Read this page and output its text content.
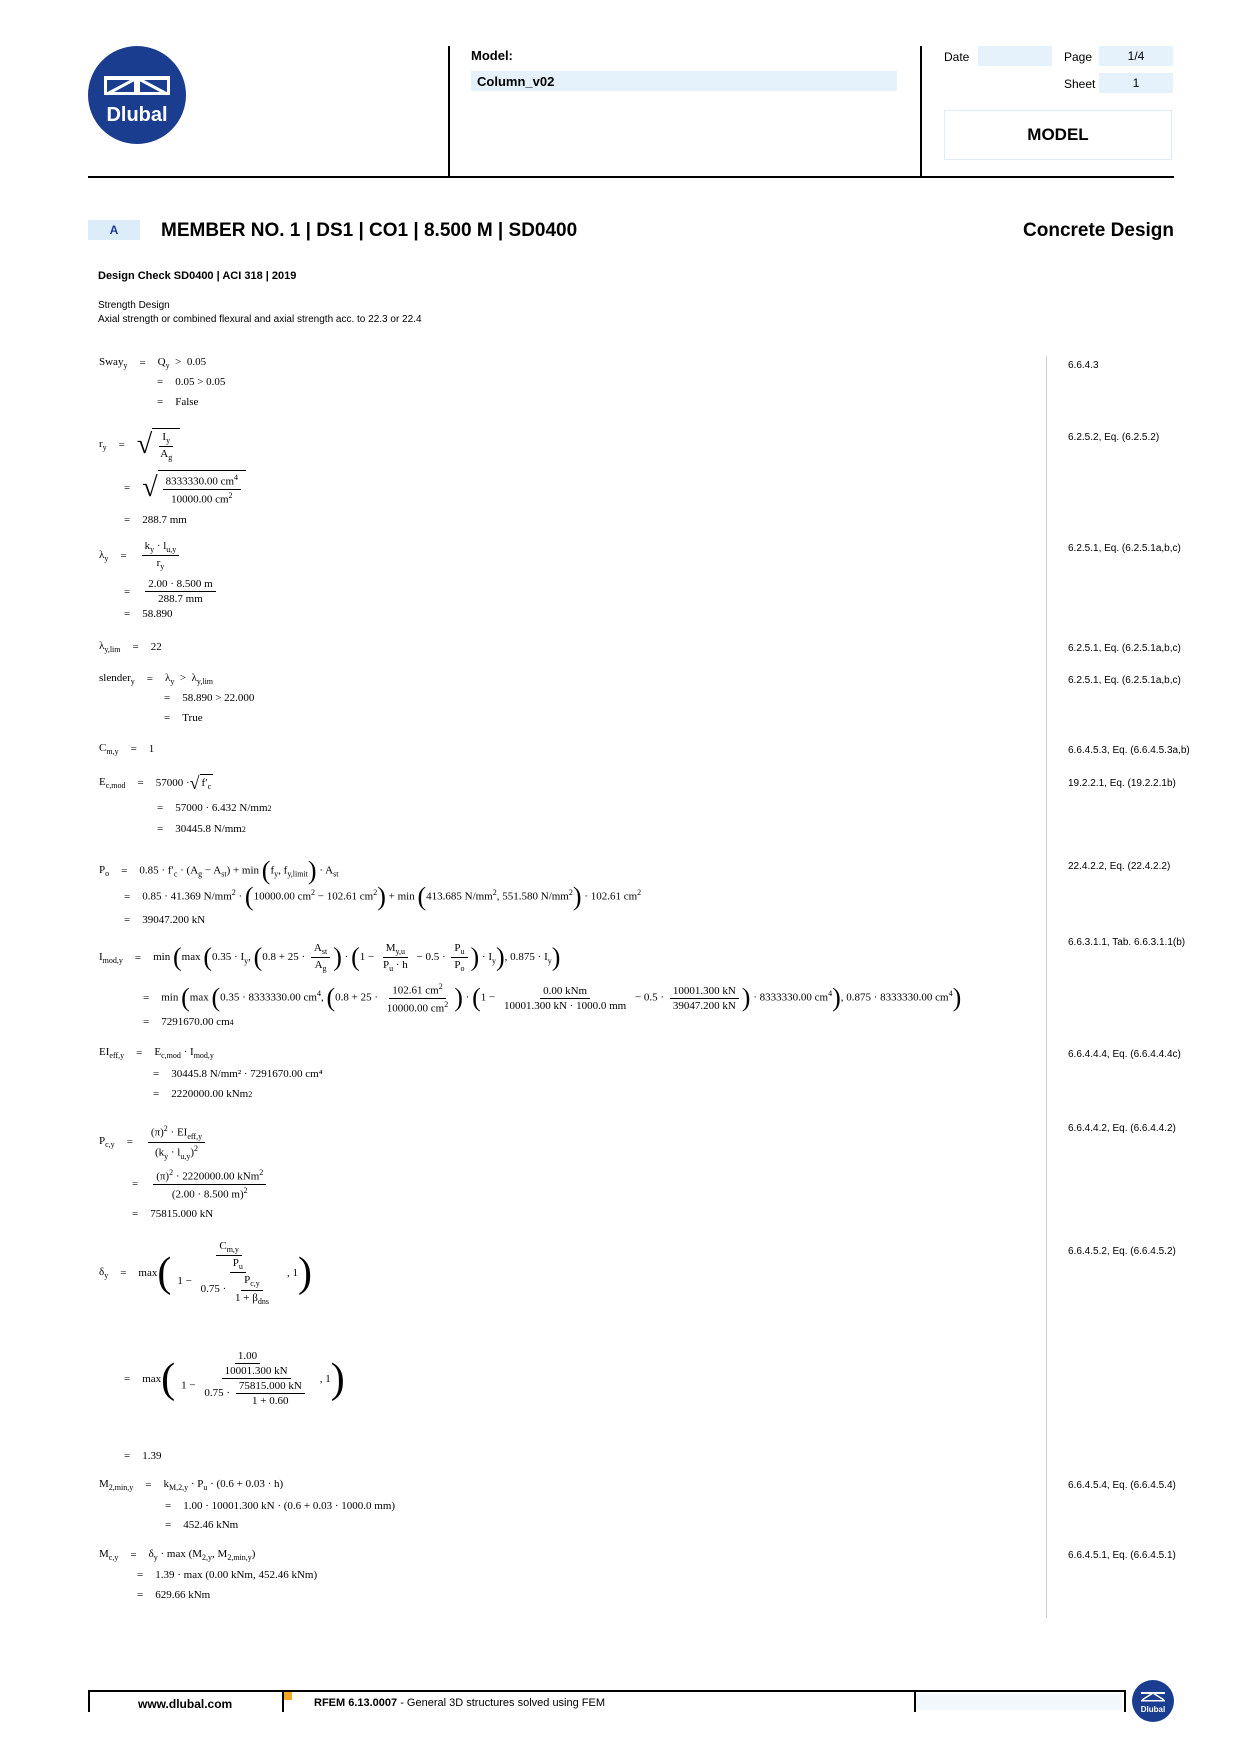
Dlubal
Model:
Column_v02
Date	Page	1/4
Sheet	1
MODEL
A	MEMBER NO. 1 | DS1 | CO1 | 8.500 M | SD0400	Concrete Design
Design Check SD0400 | ACI 318 | 2019
Strength Design
Axial strength or combined flexural and axial strength acc. to 22.3 or 22.4
Sway$_y$ = $Q_y > 0.05$
= 0.05 > 0.05
= False
6.6.4.3
$r_y$ = √ $\frac{I_y}{A_g}$
= √ $\frac{8333330.00 cm^4}{10000.00 cm^2}$
= 288.7 mm
6.2.5.2, Eq. (6.2.5.2)
$\lambda_y = \frac{k_y \cdot l_{u,y}}{r_y}$
= $\frac{2.00 \cdot 8.500 m}{288.7 mm}$
= 58.890
6.2.5.1, Eq. (6.2.5.1a,b,c)
$\lambda_{y,lim} = 22$	6.2.5.1, Eq. (6.2.5.1a,b,c)
slender$_y$ = $\lambda_y > \lambda_{y,lim}$
= 58.890 > 22.000
= True
6.2.5.1, Eq. (6.2.5.1a,b,c)
$C_{m,y} = 1$	6.6.4.5.3, Eq. (6.6.4.5.3a,b)
$E_{c,mod} = 57000$ · √ $f'_c$
= 57000 · 6.432 N/mm 2
= 30445.8 N/mm 2
19.2.2.1, Eq. (19.2.2.1b)
$P_o = 0.85 \cdot f'_c \cdot (A_g - A_{st}) + \min (f_y$, $f_{y,limit}) \cdot A_{st}$
= 0.85 · 41.369 $N/mm^2 \cdot (10000.00$ $cm^2 - 102.61$ $cm^2) + \min (413.685$ $N/mm^2$, 551.580 $N/mm^2) \cdot 102.61$ $cm^2$
= 39047.200 kN
22.4.2.2, Eq. (22.4.2.2)
$I_{mod,y} = \min (\max$ ($0.35 \cdot I_y$, ($0.8 + 25 \cdot \frac{A_{st}}{A_g}$ ) · ($1 - \frac{M_{y,u}}{P_u \cdot h} - 0.5 \cdot \frac{P_u}{P_o}$ ) · $I_y$), $0.875 \cdot I_y$)
= min (max (0.35 · 8333330.00 $cm^4$, ($0.8 + 25 \cdot \frac{102.61 cm^2}{10000.00 cm^2}$ ) · ($1 - \frac{\text{0.00 kNm}}{10001.300 kN \cdot 1000.0 mm} - 0.5 \cdot \frac{10001.300 kN}{39047.200 kN}$ ) · 8333330.00 $cm^4$), 0.875 · 8333330.00 $cm^4$)
= 7291670.00 cm 4
6.6.3.1.1, Tab. 6.6.3.1.1(b)
$EI_{eff,y} = E_{c,mod} \cdot I_{mod,y}$
= 30445.8 N/mm² · 7291670.00 cm⁴
= 2220000.00 kNm 2
6.6.4.4.4, Eq. (6.6.4.4.4c)
$P_{c,y} = \frac{(\pi)^2 \cdot EI_{eff,y}}{(k_y \cdot l_{u,y})^2}$
= $\frac{(\pi)^2 \cdot 2220000.00 kNm^2}{(2.00 \cdot 8.500 m)^2}$
= 75815.000 kN
6.6.4.4.2, Eq. (6.6.4.4.2)
$\delta_y = \max$ ( $\frac{C_{m,y}}{1 - \frac{P_u}{0.75 \cdot \frac{P_{c,y}}{1 + \beta_{dns}}}}$ , 1 )
= max ( $\frac{1.00}{1 - \frac{10001.300 kN}{0.75 \cdot \frac{75815.000 kN}{1 + 0.60}}}$ , 1 )
= 1.39
6.6.4.5.2, Eq. (6.6.4.5.2)
$M_{2,min,y} = k_{M,2,y} \cdot P_u \cdot (0.6 + 0.03 \cdot h)$
= 1.00 · 10001.300 kN · (0.6 + 0.03 · 1000.0 mm)
= 452.46 kNm
6.6.4.5.4, Eq. (6.6.4.5.4)
$M_{c,y} = \delta_y \cdot \max (M_{2,y}$, $M_{2,min,y}$)
= 1.39 · max (0.00 kNm, 452.46 kNm)
= 629.66 kNm
6.6.4.5.1, Eq. (6.6.4.5.1)
www.dlubal.com	RFEM 6.13.0007 - General 3D structures solved using FEM
Dlubal
